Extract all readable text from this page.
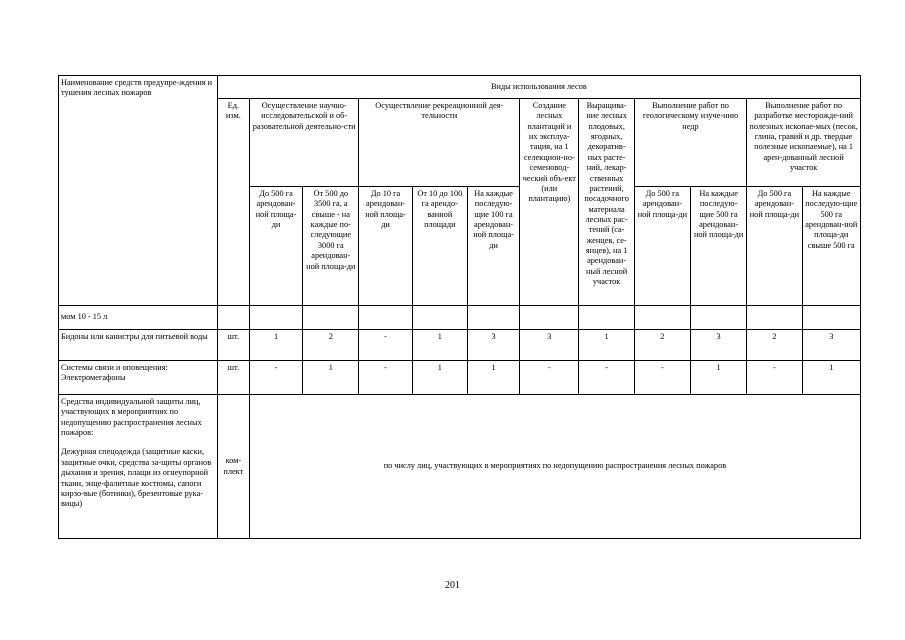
Наименование средств предупре-ждения и тушения лесных пожаров	Виды использования лесов											
	Ед. изм.	Осуществление научно-исследовательской и об-разовательной деятельно-сти		Осуществление рекреационной дея-тельности			Создание лесных плантаций и их эксплуа-тация, на 1 селекцион-но-семеновод-ческий объ-ект (или плантацию)	Выращива-ние лесных плодовых, ягодных, декоратив-ных расте-ний, лекар-ственных растений, посадочного материала лесных рас-тений (са-женцев, се-янцев), на 1 арендован-ный лесной участок	Выполнение работ по геологическому изуче-нию недр		Выполнение работ по разработке месторожде-ний полезных ископае-мых (песок, глина, гравий и др. твердые полезные ископаемые), на 1 арен-дованный лесной участок	
		До 500 га арендован-ной площа-ди	От 500 до 3500 га, а свыше - на каждые по-следующие 3000 га арендован-ной площа-ди	До 10 га арендован-ной площа-ди	От 10 до 100 га арендо-ванной площади	На каждые последую-щие 100 га арендован-ной площа-ди			До 500 га арендован-ной площа-ди	На каждые последую-щие 500 га арендован-ной площа-ди	До 500 га арендован-ной площа-ди	На каждые последую-щие 500 га арендован-ной площа-ди свыше 500 га
мом 10 - 15 л												
Бидоны или канистры для питьевой воды	шт.	1	2	-	1	3	3	1	2	3	2	3
Системы связи и оповещения: Электромегафоны	шт.	-	1	-	1	1	-	-	-	1	-	1

Средства индивидуальной защиты лиц, участвующих в мероприятиях по недопущению распространения лесных пожаров:
Дежурная спецодежда (защитные каски, защитные очки, средства за-щиты органов дыхания и зрения, плащи из огнеупорной ткани, энце-фалитные костюмы, сапоги кирзо-вые (ботинки), брезентовые рука-вицы)	ком-плект	по числу лиц, участвующих в мероприятиях по недопущению распространения лесных пожаров										
201
